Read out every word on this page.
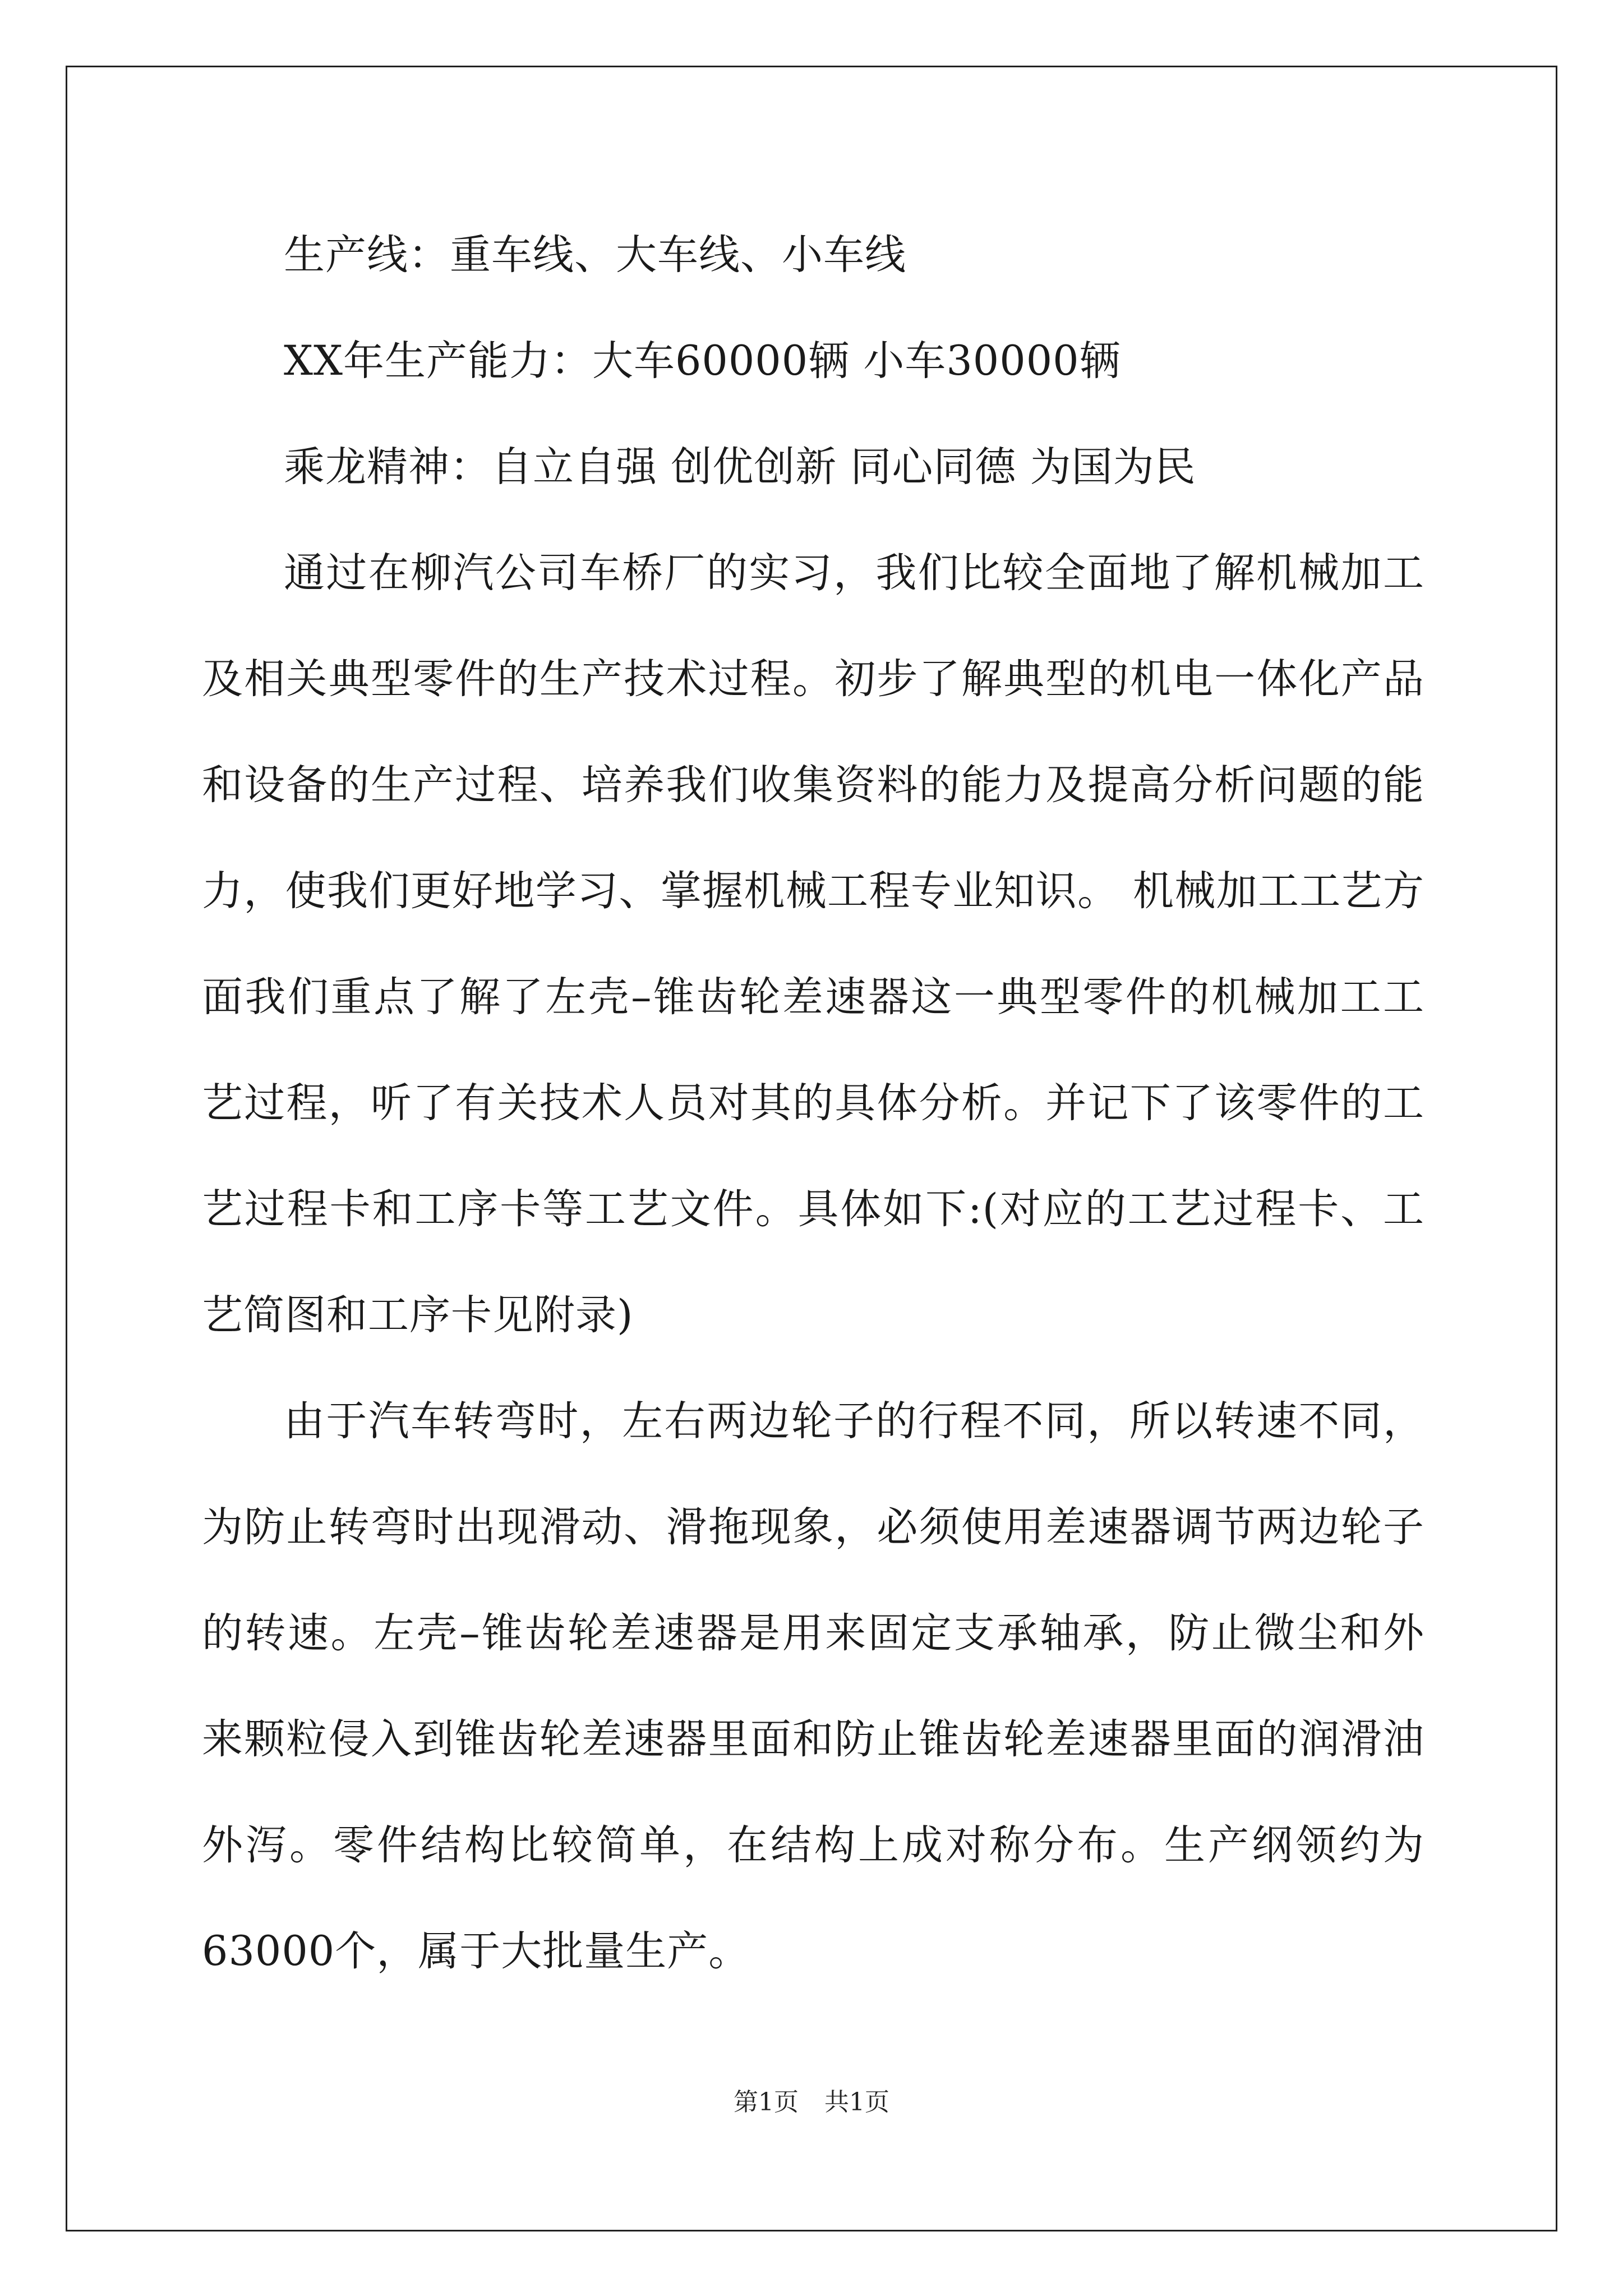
生产线：重车线、大车线、小车线

XX年生产能力：大车60000辆 小车30000辆

乘龙精神：自立自强 创优创新 同心同德 为国为民

通过在柳汽公司车桥厂的实习，我们比较全面地了解机械加工及相关典型零件的生产技术过程。初步了解典型的机电一体化产品和设备的生产过程、培养我们收集资料的能力及提高分析问题的能力，使我们更好地学习、掌握机械工程专业知识。 机械加工工艺方面我们重点了解了左壳–锥齿轮差速器这一典型零件的机械加工工艺过程，听了有关技术人员对其的具体分析。并记下了该零件的工艺过程卡和工序卡等工艺文件。具体如下:(对应的工艺过程卡、工艺简图和工序卡见附录)

由于汽车转弯时，左右两边轮子的行程不同，所以转速不同，为防止转弯时出现滑动、滑拖现象，必须使用差速器调节两边轮子的转速。左壳–锥齿轮差速器是用来固定支承轴承，防止微尘和外来颗粒侵入到锥齿轮差速器里面和防止锥齿轮差速器里面的润滑油外泻。零件结构比较简单，在结构上成对称分布。生产纲领约为63000个，属于大批量生产。

第1页 共1页
